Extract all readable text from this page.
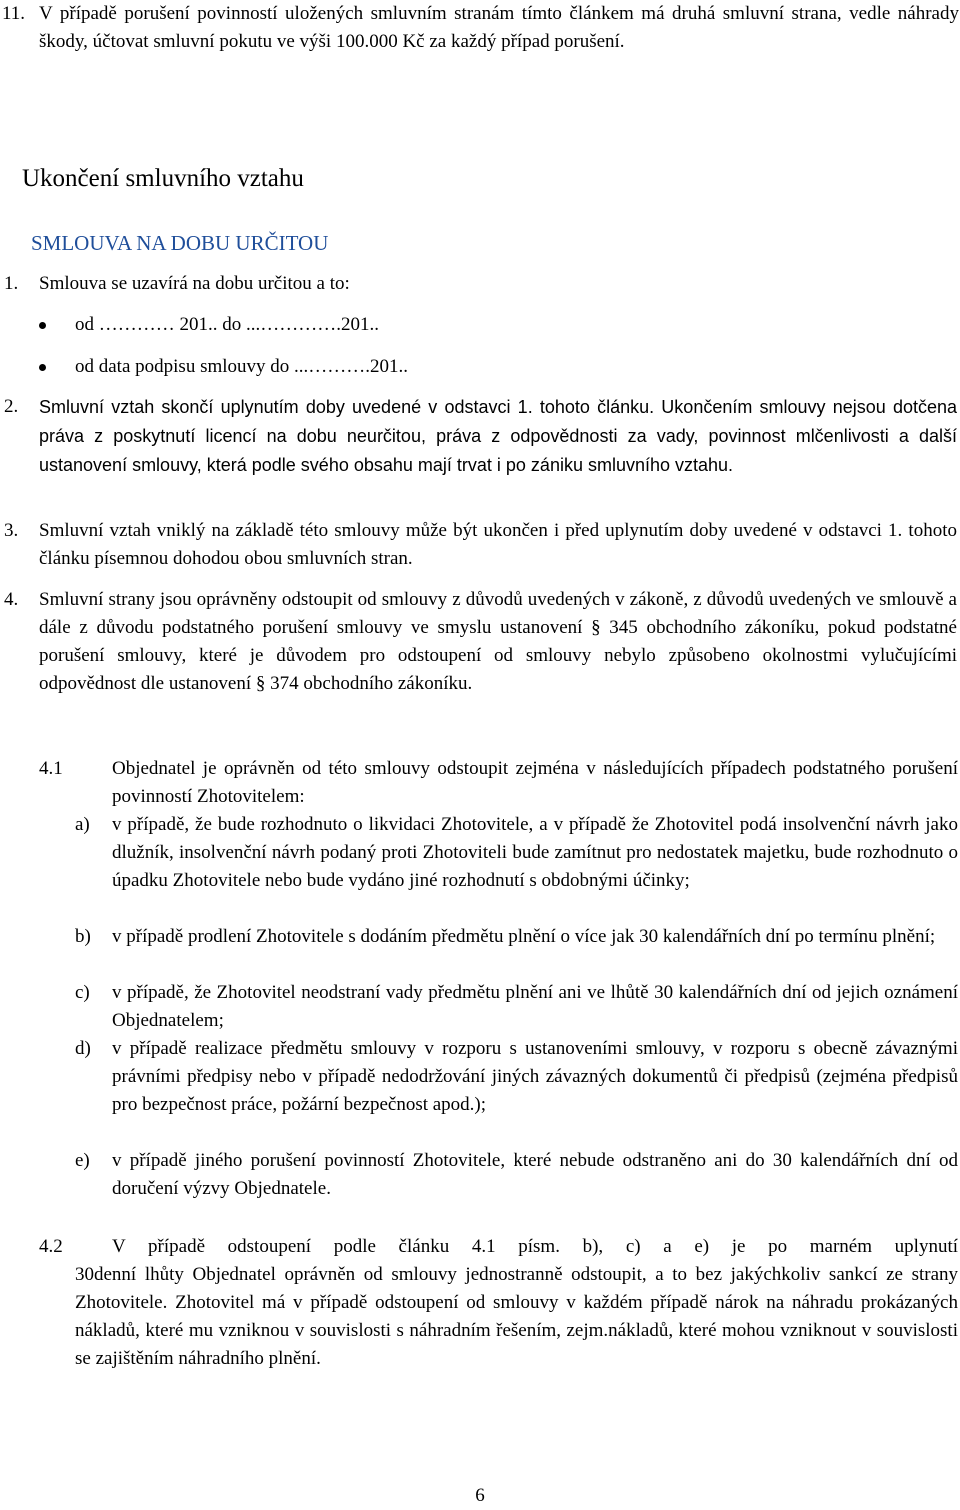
11. V případě porušení povinností uložených smluvním stranám tímto článkem má druhá smluvní strana, vedle náhrady škody, účtovat smluvní pokutu ve výši 100.000 Kč za každý případ porušení.
Ukončení smluvního vztahu
SMLOUVA NA DOBU URČITOU
1. Smlouva se uzavírá na dobu určitou a to:
od ………… 201.. do ...………….201..
od data podpisu smlouvy do ...……….201..
2. Smluvní vztah skončí uplynutím doby uvedené v odstavci 1. tohoto článku. Ukončením smlouvy nejsou dotčena práva z poskytnutí licencí na dobu neurčitou, práva z odpovědnosti za vady, povinnost mlčenlivosti a další ustanovení smlouvy, která podle svého obsahu mají trvat i po zániku smluvního vztahu.
3. Smluvní vztah vniklý na základě této smlouvy může být ukončen i před uplynutím doby uvedené v odstavci 1. tohoto článku písemnou dohodou obou smluvních stran.
4. Smluvní strany jsou oprávněny odstoupit od smlouvy z důvodů uvedených v zákoně, z důvodů uvedených ve smlouvě a dále z důvodu podstatného porušení smlouvy ve smyslu ustanovení § 345 obchodního zákoníku, pokud podstatné porušení smlouvy, které je důvodem pro odstoupení od smlouvy nebylo způsobeno okolnostmi vylučujícími odpovědnost dle ustanovení § 374 obchodního zákoníku.
4.1	Objednatel je oprávněn od této smlouvy odstoupit zejména v následujících případech podstatného porušení povinností Zhotovitelem:
a) v případě, že bude rozhodnuto o likvidaci Zhotovitele, a v případě že Zhotovitel podá insolvenční návrh jako dlužník, insolvenční návrh podaný proti Zhotoviteli bude zamítnut pro nedostatek majetku, bude rozhodnuto o úpadku Zhotovitele nebo bude vydáno jiné rozhodnutí s obdobnými účinky;
b) v případě prodlení Zhotovitele s dodáním předmětu plnění o více jak 30 kalendářních dní po termínu plnění;
c) v případě, že Zhotovitel neodstraní vady předmětu plnění ani ve lhůtě 30 kalendářních dní od jejich oznámení Objednatelem;
d) v případě realizace předmětu smlouvy v rozporu s ustanoveními smlouvy, v rozporu s obecně závaznými právními předpisy nebo v případě nedodržování jiných závazných dokumentů či předpisů (zejména předpisů pro bezpečnost práce, požární bezpečnost apod.);
e) v případě jiného porušení povinností Zhotovitele, které nebude odstraněno ani do 30 kalendářních dní od doručení výzvy Objednatele.
4.2	V případě odstoupení podle článku 4.1 písm. b), c) a e) je po marném uplynutí
30denní lhůty Objednatel oprávněn od smlouvy jednostranně odstoupit, a to bez jakýchkoliv sankcí ze strany Zhotovitele. Zhotovitel má v případě odstoupení od smlouvy v každém případě nárok na náhradu prokázaných nákladů, které mu vzniknou v souvislosti s náhradním řešením, zejm.nákladů, které mohou vzniknout v souvislosti se zajištěním náhradního plnění.
6
